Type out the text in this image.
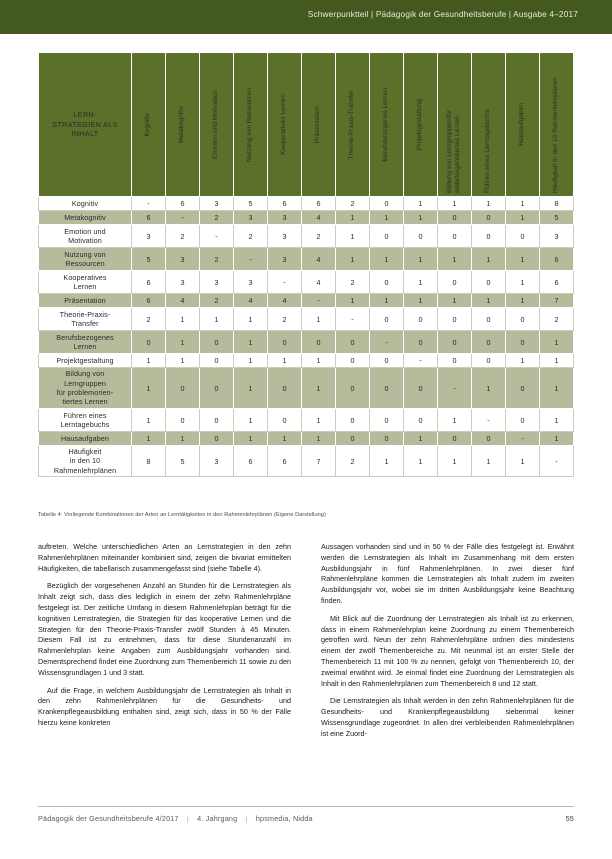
Schwerpunktteil | Pädagogik der Gesundheitsberufe | Ausgabe 4–2017
LERN-
STRATEGIEN ALS
INHALT	Kognitiv	Metakognitiv	Emotion und Motivation	Nutzung von Ressourcen	Kooperatives Lernen	Präsentation	Theorie-Praxis-Transfer	Berufsbezogenes Lernen	Projektgestaltung	Bildung von Lerngruppen/für selbstorganisiertes Lernen	Führen eines Lerntagebuchs	Hausaufgaben	Häufigkeit in den 10 Rahmenlehrplänen

Kognitiv	-	6	3	5	6	6	2	0	1	1	1	1	8
Metakognitiv	6	-	2	3	3	4	1	1	1	0	0	1	5
Emotion und
Motivation	3	2	-	2	3	2	1	0	0	0	0	0	3
Nutzung von
Ressourcen	5	3	2	-	3	4	1	1	1	1	1	1	6
Kooperatives
Lernen	6	3	3	3	-	4	2	0	1	0	0	1	6
Präsentation	6	4	2	4	4	-	1	1	1	1	1	1	7
Theorie-Praxis-
Transfer	2	1	1	1	2	1	-	0	0	0	0	0	2
Berufsbezogenes
Lernen	0	1	0	1	0	0	0	-	0	0	0	0	1
Projektgestaltung	1	1	0	1	1	1	0	0	-	0	0	1	1
Bildung von
Lerngruppen
für problemorien-
tiertes Lernen	1	0	0	1	0	1	0	0	0	-	1	0	1
Führen eines
Lerntagebuchs	1	0	0	1	0	1	0	0	0	1	-	0	1
Hausaufgaben	1	1	0	1	1	1	0	0	1	0	0	-	1
Häufigkeit
in den 10
Rahmenlehrplänen	8	5	3	6	6	7	2	1	1	1	1	1	-
Tabelle 4: Vorliegende Kombinationen der Arten an Lerntätigkeiten in den Rahmenlehrplänen (Eigene Darstellung)

auftreten. Welche unterschiedlichen Arten an Lernstrategien in den zehn Rahmenlehrplänen miteinander kombiniert sind, zeigen die bivariat ermittelten Häufigkeiten, die tabellarisch zusammengefasst sind (siehe Tabelle 4).

Bezüglich der vorgesehenen Anzahl an Stunden für die Lernstrategien als Inhalt zeigt sich, dass dies lediglich in einem der zehn Rahmenlehrpläne festgelegt ist. Der zeitliche Umfang in diesem Rahmenlehrplan beträgt für die kognitiven Lernstrategien, die Strategien für das kooperative Lernen und die Strategien für den Theorie-Praxis-Transfer zwölf Stunden à 45 Minuten. Diesem Fall ist zu entnehmen, dass für diese Stundenanzahl im Rahmenlehrplan keine Angaben zum Ausbildungsjahr vorhanden sind. Dementsprechend findet eine Zuordnung zum Themenbereich 11 sowie zu den Wissensgrundlagen 1 und 3 statt.

Auf die Frage, in welchem Ausbildungsjahr die Lernstrategien als Inhalt in den zehn Rahmenlehrplänen für die Gesundheits- und Krankenpflegeausbildung enthalten sind, zeigt sich, dass in 50 % der Fälle hierzu keine konkreten

Aussagen vorhanden sind und in 50 % der Fälle dies festgelegt ist. Erwähnt werden die Lernstrategien als Inhalt im Zusammenhang mit dem ersten Ausbildungsjahr in fünf Rahmenlehrplänen. In zwei dieser fünf Rahmenlehrpläne kommen die Lernstrategien als Inhalt zudem im zweiten Ausbildungsjahr vor, wobei sie im dritten Ausbildungsjahr keine Beachtung finden.

Mit Blick auf die Zuordnung der Lernstrategien als Inhalt ist zu erkennen, dass in einem Rahmenlehrplan keine Zuordnung zu einem Themenbereich getroffen wird. Neun der zehn Rahmenlehrpläne ordnen dies mindestens einem der zwölf Themenbereiche zu. Mit neunmal ist an erster Stelle der Themenbereich 11 mit 100 % zu nennen, gefolgt von Themenbereich 10, der zweimal erwähnt wird. Je einmal findet eine Zuordnung der Lernstrategien als Inhalt in den Rahmenlehrplänen zum Themenbereich 8 und 12 statt.

Die Lernstrategien als Inhalt werden in den zehn Rahmenlehrplänen für die Gesundheits- und Krankenpflegeausbildung siebenmal keiner Wissensgrundlage zugeordnet. In allen drei verbleibenden Rahmenlehrplänen ist eine Zuord-

55
Pädagogik der Gesundheitsberufe 4/2017 | 4. Jahrgang | hpsmedia, Nidda
